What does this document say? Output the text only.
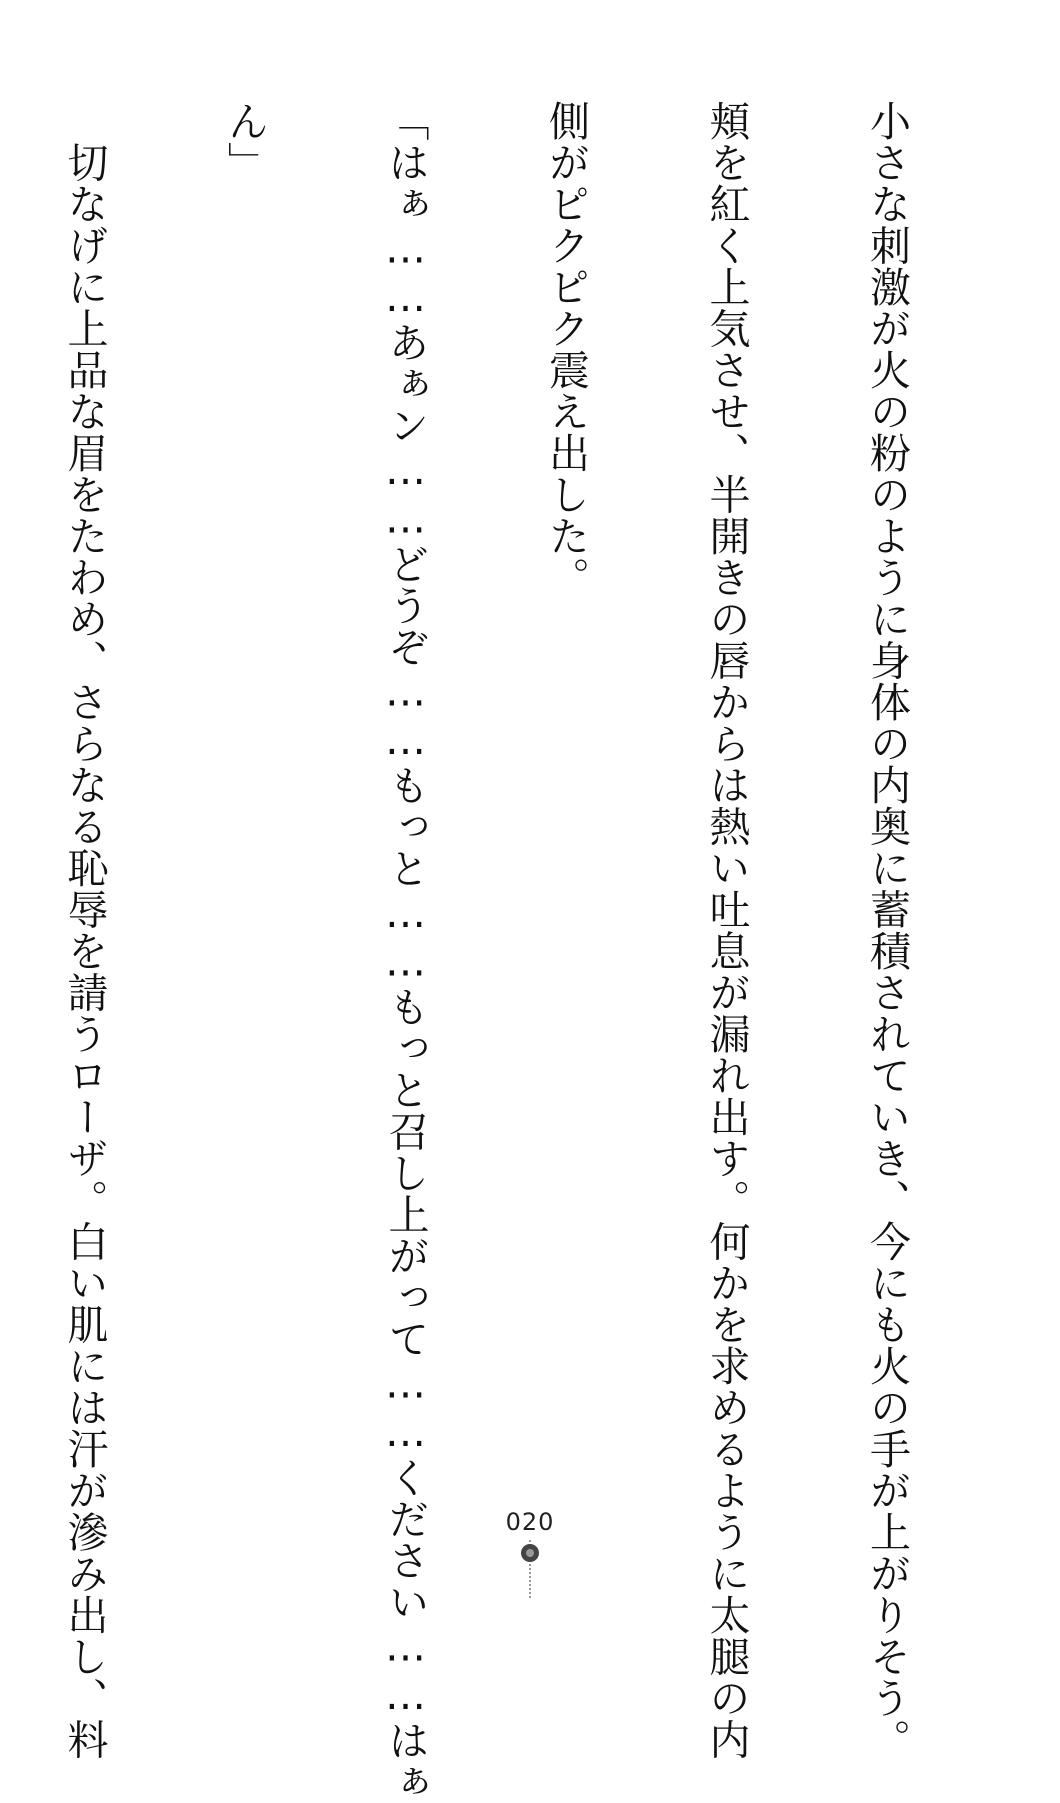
小さな刺激が火の粉のように身体の内奥に蓄積されていき、今にも火の手が上がりそう。

頬を紅く上気させ、半開きの唇からは熱い吐息が漏れ出す。何かを求めるように太腿の内

側がピクピク震え出した。

「はぁ……あぁン……どうぞ……もっと……もっと召し上がって……ください……はぁ

ん」

　切なげに上品な眉をたわめ、さらなる恥辱を請うローザ。白い肌には汗が滲み出し、料

	020
